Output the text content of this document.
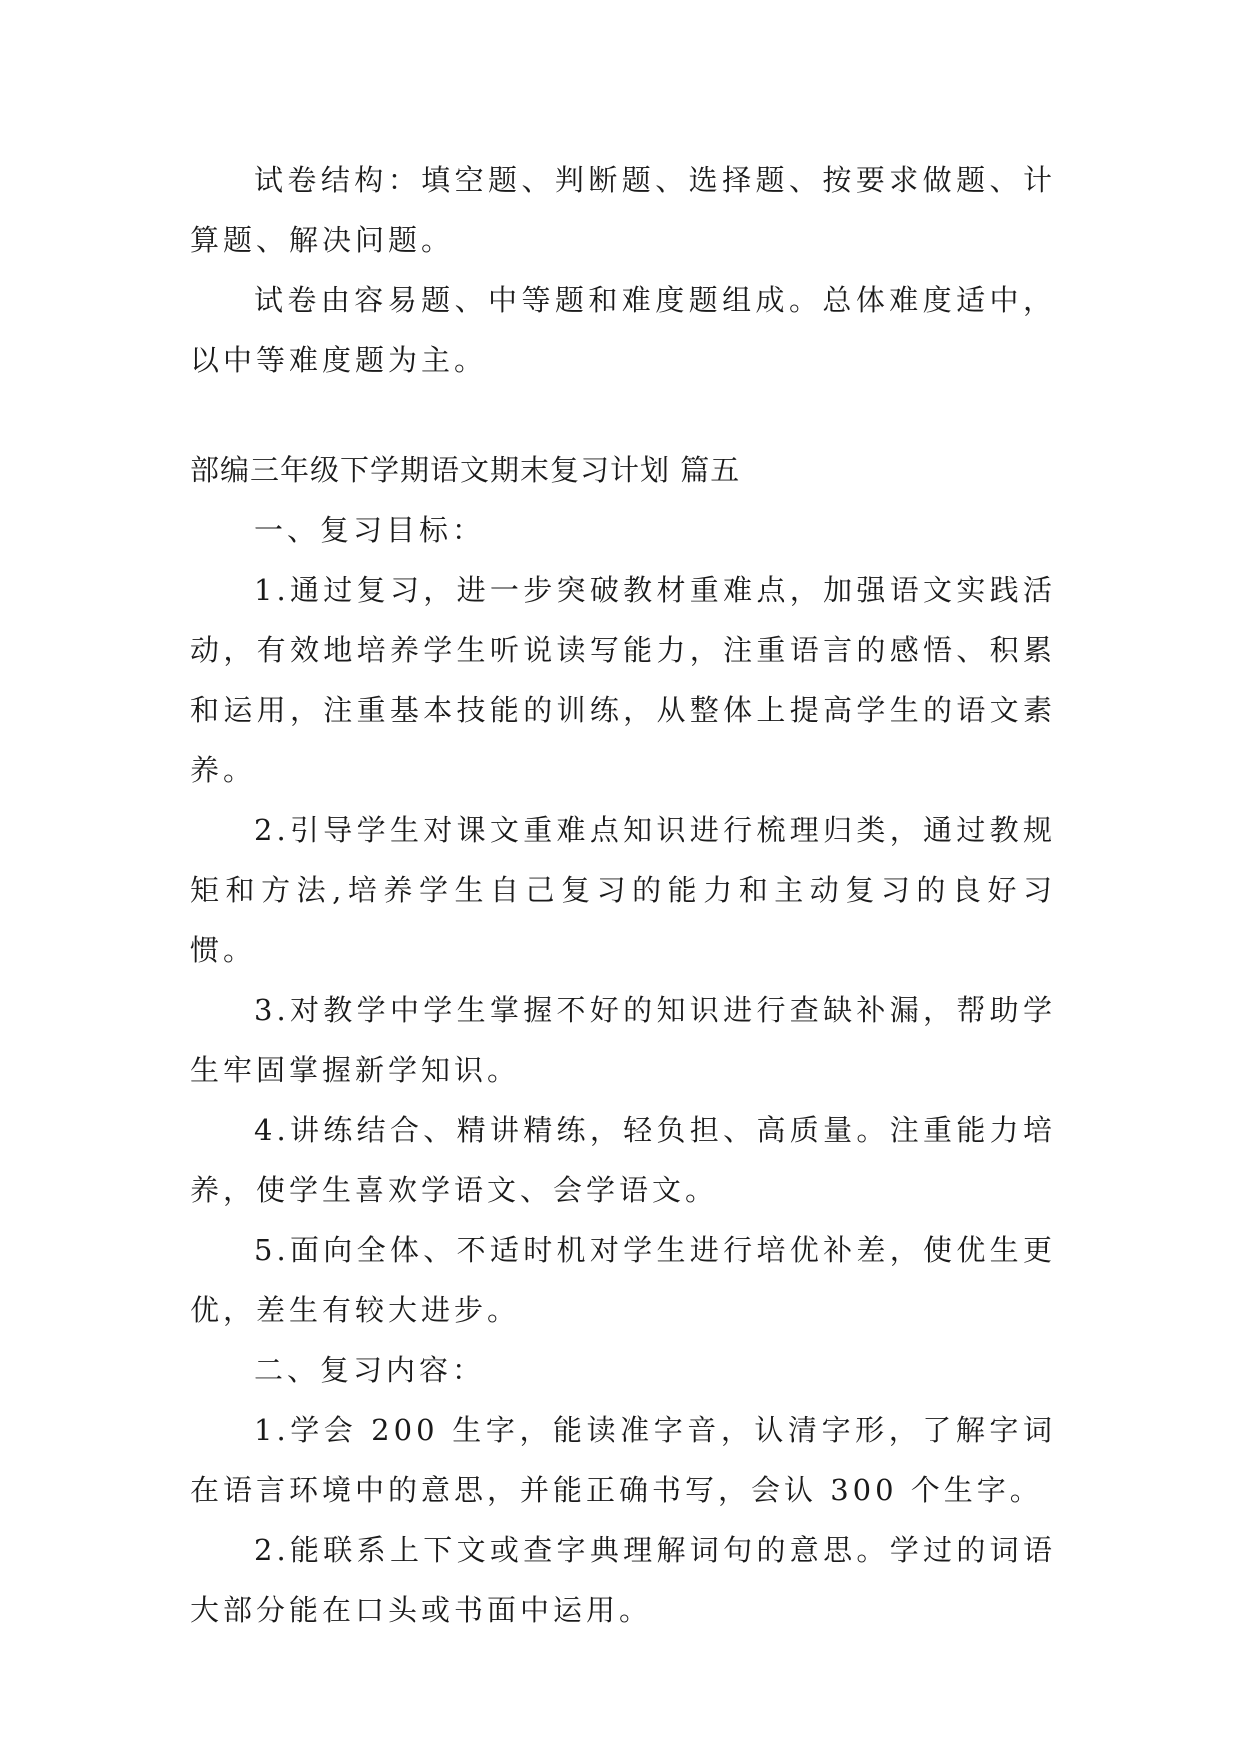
试卷结构：填空题、判断题、选择题、按要求做题、计算题、解决问题。

试卷由容易题、中等题和难度题组成。总体难度适中，以中等难度题为主。

部编三年级下学期语文期末复习计划 篇五

一、复习目标：

1.通过复习，进一步突破教材重难点，加强语文实践活动，有效地培养学生听说读写能力，注重语言的感悟、积累和运用，注重基本技能的训练，从整体上提高学生的语文素养。

2.引导学生对课文重难点知识进行梳理归类，通过教规矩和方法,培养学生自己复习的能力和主动复习的良好习惯。

3.对教学中学生掌握不好的知识进行查缺补漏，帮助学生牢固掌握新学知识。

4.讲练结合、精讲精练，轻负担、高质量。注重能力培养，使学生喜欢学语文、会学语文。

5.面向全体、不适时机对学生进行培优补差，使优生更优，差生有较大进步。

二、复习内容：

1.学会 200 生字，能读准字音，认清字形，了解字词在语言环境中的意思，并能正确书写，会认 300 个生字。

2.能联系上下文或查字典理解词句的意思。学过的词语大部分能在口头或书面中运用。
